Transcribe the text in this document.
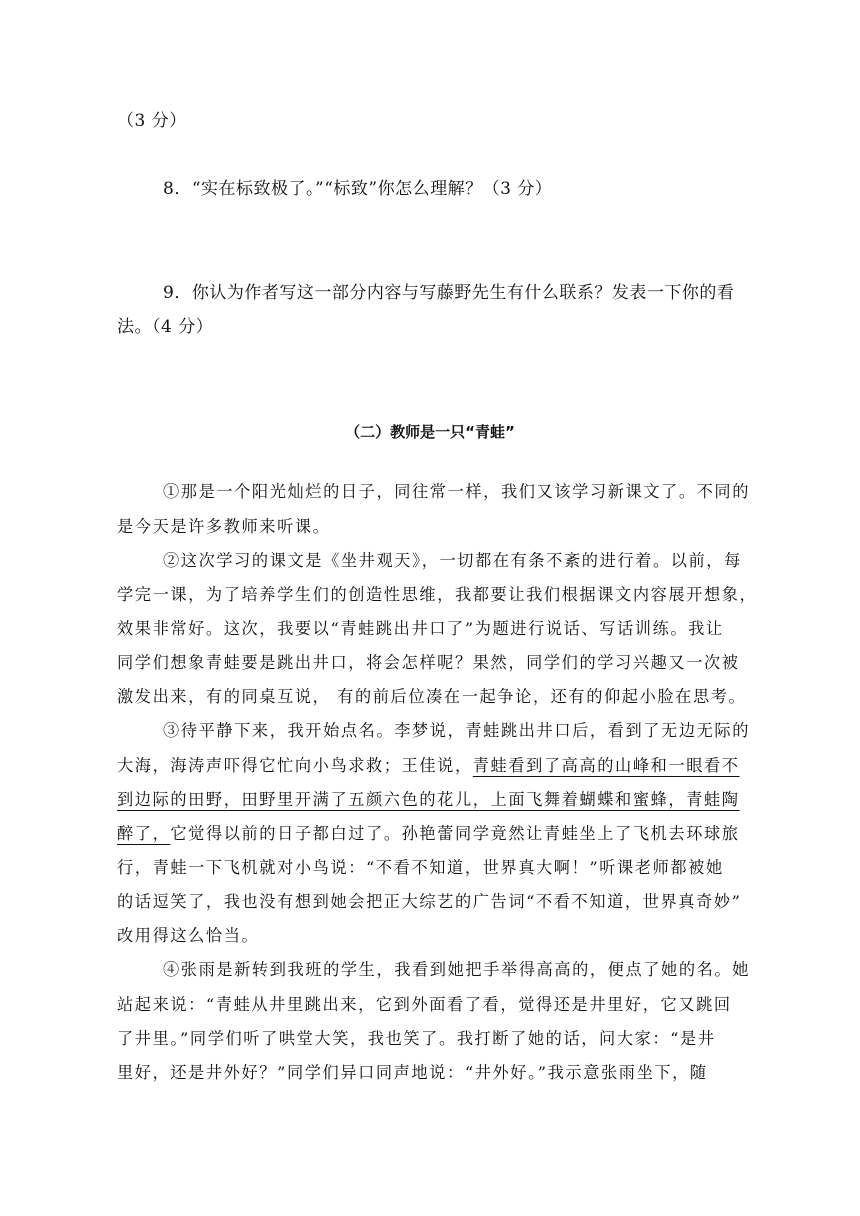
（3 分）
8．“实在标致极了。”“标致”你怎么理解？（3 分）
9．你认为作者写这一部分内容与写藤野先生有什么联系？发表一下你的看
法。（4 分）
（二）教师是一只“青蛙”
①那是一个阳光灿烂的日子，同往常一样，我们又该学习新课文了。不同的
是今天是许多教师来听课。
②这次学习的课文是《坐井观天》，一切都在有条不紊的进行着。以前，每
学完一课，为了培养学生们的创造性思维，我都要让我们根据课文内容展开想象，
效果非常好。这次，我要以“青蛙跳出井口了”为题进行说话、写话训练。我让
同学们想象青蛙要是跳出井口，将会怎样呢？果然，同学们的学习兴趣又一次被
激发出来，有的同桌互说， 有的前后位凑在一起争论，还有的仰起小脸在思考。
③待平静下来，我开始点名。李梦说，青蛙跳出井口后，看到了无边无际的
大海，海涛声吓得它忙向小鸟求救；王佳说，青蛙看到了高高的山峰和一眼看不
到边际的田野，田野里开满了五颜六色的花儿，上面飞舞着蝴蝶和蜜蜂，青蛙陶
醉了，它觉得以前的日子都白过了。孙艳蕾同学竟然让青蛙坐上了飞机去环球旅
行，青蛙一下飞机就对小鸟说：“不看不知道，世界真大啊！”听课老师都被她
的话逗笑了，我也没有想到她会把正大综艺的广告词“不看不知道，世界真奇妙”
改用得这么恰当。
④张雨是新转到我班的学生，我看到她把手举得高高的，便点了她的名。她
站起来说：“青蛙从井里跳出来，它到外面看了看，觉得还是井里好，它又跳回
了井里。”同学们听了哄堂大笑，我也笑了。我打断了她的话，问大家：“是井
里好，还是井外好？”同学们异口同声地说：“井外好。”我示意张雨坐下，随
